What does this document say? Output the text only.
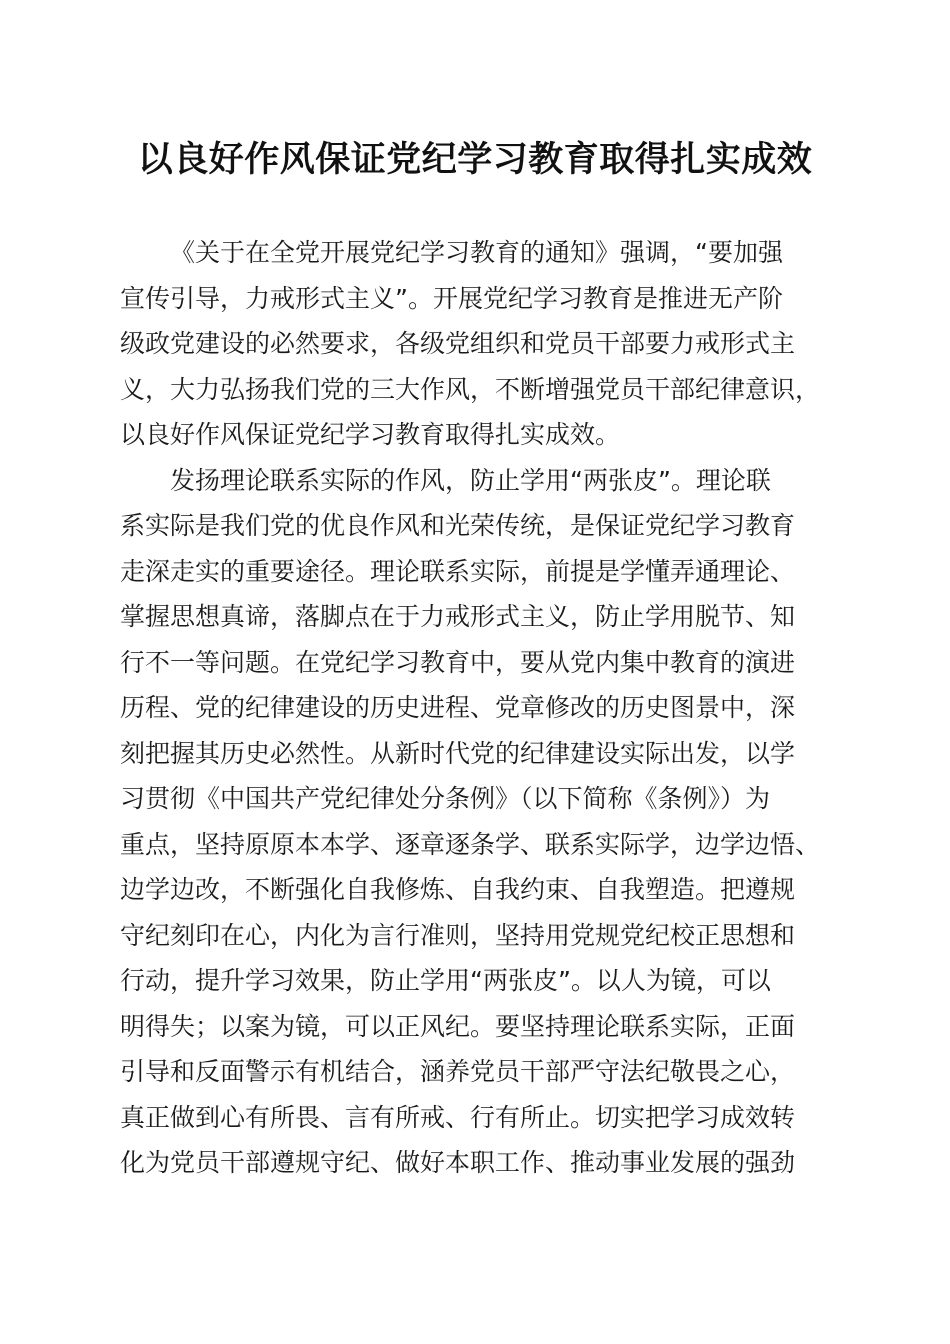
以良好作风保证党纪学习教育取得扎实成效
《关于在全党开展党纪学习教育的通知》强调，“要加强
宣传引导，力戒形式主义”。开展党纪学习教育是推进无产阶
级政党建设的必然要求，各级党组织和党员干部要力戒形式主
义，大力弘扬我们党的三大作风，不断增强党员干部纪律意识，
以良好作风保证党纪学习教育取得扎实成效。
发扬理论联系实际的作风，防止学用“两张皮”。理论联
系实际是我们党的优良作风和光荣传统，是保证党纪学习教育
走深走实的重要途径。理论联系实际，前提是学懂弄通理论、
掌握思想真谛，落脚点在于力戒形式主义，防止学用脱节、知
行不一等问题。在党纪学习教育中，要从党内集中教育的演进
历程、党的纪律建设的历史进程、党章修改的历史图景中，深
刻把握其历史必然性。从新时代党的纪律建设实际出发，以学
习贯彻《中国共产党纪律处分条例》（以下简称《条例》）为
重点，坚持原原本本学、逐章逐条学、联系实际学，边学边悟、
边学边改，不断强化自我修炼、自我约束、自我塑造。把遵规
守纪刻印在心，内化为言行准则，坚持用党规党纪校正思想和
行动，提升学习效果，防止学用“两张皮”。以人为镜，可以
明得失；以案为镜，可以正风纪。要坚持理论联系实际，正面
引导和反面警示有机结合，涵养党员干部严守法纪敬畏之心，
真正做到心有所畏、言有所戒、行有所止。切实把学习成效转
化为党员干部遵规守纪、做好本职工作、推动事业发展的强劲
